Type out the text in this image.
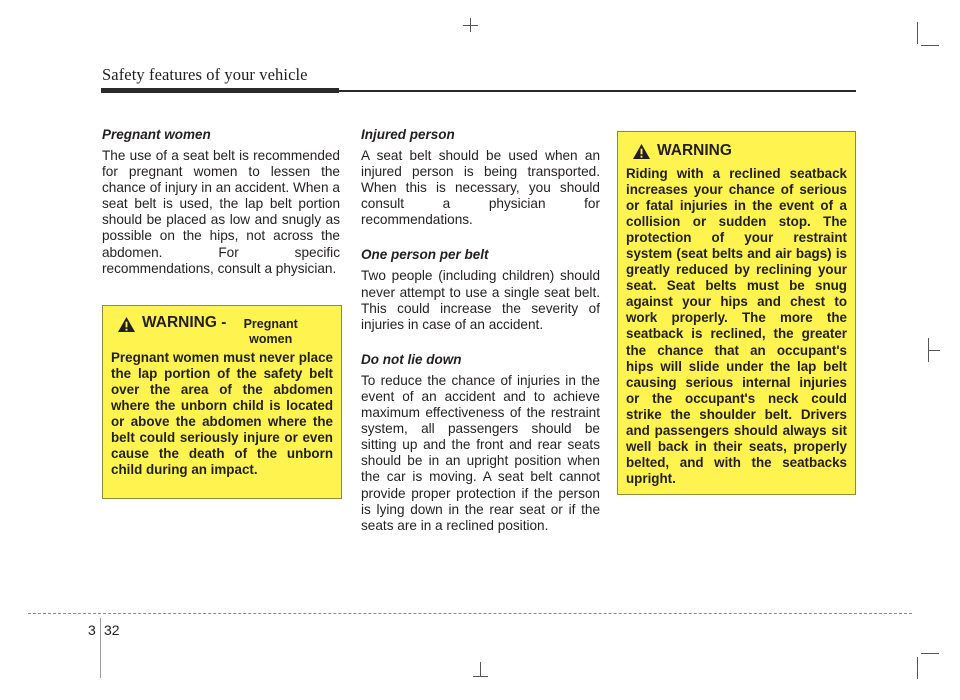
Safety features of your vehicle
Pregnant women

The use of a seat belt is recommended for pregnant women to lessen the chance of injury in an accident. When a seat belt is used, the lap belt portion should be placed as low and snugly as possible on the hips, not across the abdomen. For specific recommendations, consult a physician.

WARNING -	Pregnant women

Pregnant women must never place the lap portion of the safety belt over the area of the abdomen where the unborn child is located or above the abdomen where the belt could seriously injure or even cause the death of the unborn child during an impact.

Injured person

A seat belt should be used when an injured person is being transported. When this is necessary, you should consult a physician for recommendations.

One person per belt

Two people (including children) should never attempt to use a single seat belt. This could increase the severity of injuries in case of an accident.

Do not lie down

To reduce the chance of injuries in the event of an accident and to achieve maximum effectiveness of the restraint system, all passengers should be sitting up and the front and rear seats should be in an upright position when the car is moving. A seat belt cannot provide proper protection if the person is lying down in the rear seat or if the seats are in a reclined position.

WARNING

Riding with a reclined seatback increases your chance of serious or fatal injuries in the event of a collision or sudden stop. The protection of your restraint system (seat belts and air bags) is greatly reduced by reclining your seat. Seat belts must be snug against your hips and chest to work properly. The more the seatback is reclined, the greater the chance that an occupant's hips will slide under the lap belt causing serious internal injuries or the occupant's neck could strike the shoulder belt. Drivers and passengers should always sit well back in their seats, properly belted, and with the seatbacks upright.

3 32
